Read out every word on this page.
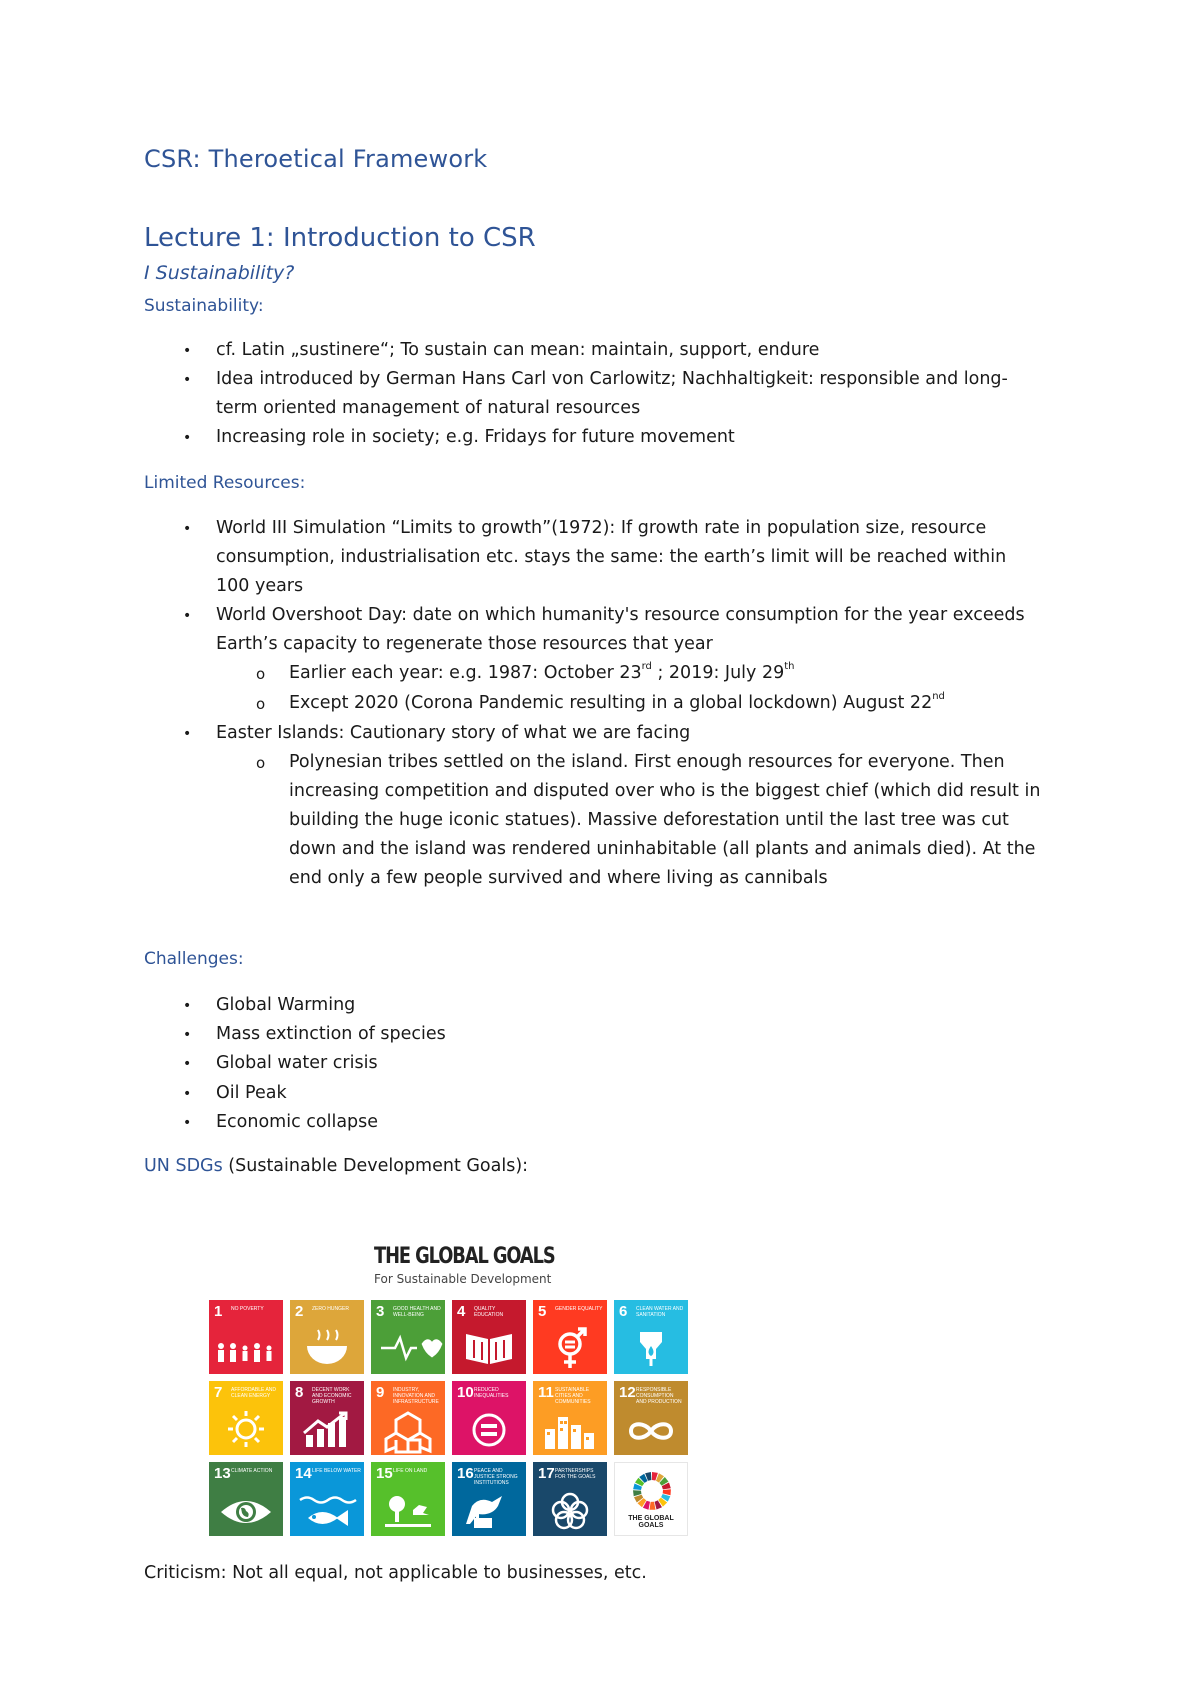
CSR: Theroetical Framework
Lecture 1: Introduction to CSR
I Sustainability?
Sustainability:
• cf. Latin „sustinere“; To sustain can mean: maintain, support, endure
• Idea introduced by German Hans Carl von Carlowitz; Nachhaltigkeit: responsible and long-
term oriented management of natural resources
• Increasing role in society; e.g. Fridays for future movement
Limited Resources:
• World III Simulation “Limits to growth”(1972): If growth rate in population size, resource
consumption, industrialisation etc. stays the same: the earth’s limit will be reached within
100 years
• World Overshoot Day: date on which humanity's resource consumption for the year exceeds
Earth’s capacity to regenerate those resources that year
o Earlier each year: e.g. 1987: October 23rd ; 2019: July 29th
o Except 2020 (Corona Pandemic resulting in a global lockdown) August 22nd
• Easter Islands: Cautionary story of what we are facing
o Polynesian tribes settled on the island. First enough resources for everyone. Then
increasing competition and disputed over who is the biggest chief (which did result in
building the huge iconic statues). Massive deforestation until the last tree was cut
down and the island was rendered uninhabitable (all plants and animals died). At the
end only a few people survived and where living as cannibals
Challenges:
• Global Warming
• Mass extinction of species
• Global water crisis
• Oil Peak
• Economic collapse
UN SDGs (Sustainable Development Goals):
THE GLOBAL GOALS
For Sustainable Development
1 NO POVERTY	2 ZERO HUNGER	3 GOOD HEALTH AND WELL-BEING	4 QUALITY EDUCATION	5 GENDER EQUALITY 6 CLEAN WATER AND SANITATION
7 AFFORDABLE AND CLEAN ENERGY	8 DECENT WORK AND ECONOMIC GROWTH
9 INDUSTRY, INNOVATION AND INFRASTRUCTURE
10 REDUCED INEQUALITIES	11 SUSTAINABLE CITIES AND COMMUNITIES
12 RESPONSIBLE CONSUMPTION AND PRODUCTION
13 CLIMATE ACTION	14 LIFE BELOW WATER 15 LIFE ON LAND	16 PEACE AND JUSTICE STRONG INSTITUTIONS
17 PARTNERSHIPS FOR THE GOALS
THE GLOBAL GOALS
Criticism: Not all equal, not applicable to businesses, etc.
